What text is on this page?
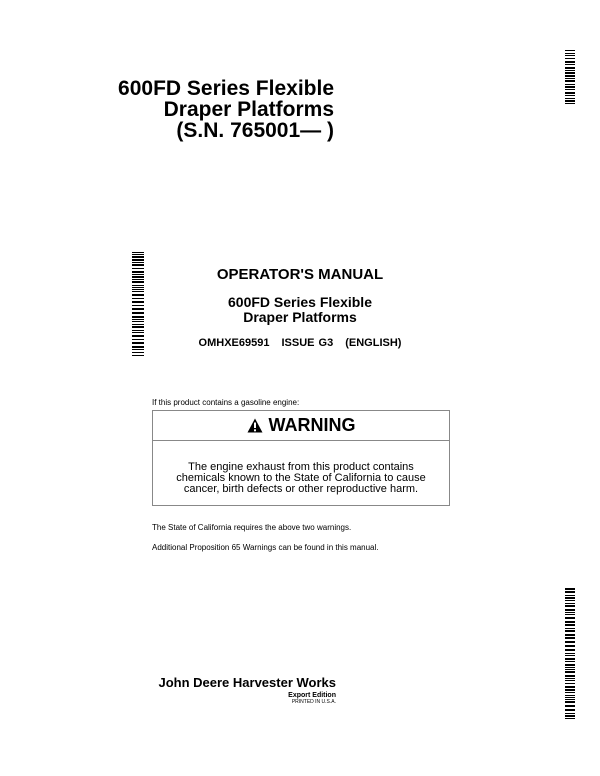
600FD Series Flexible
Draper Platforms
(S.N. 765001— )
OPERATOR'S MANUAL
600FD Series Flexible
Draper Platforms
OMHXE69591 ISSUE G3 (ENGLISH)
If this product contains a gasoline engine:
WARNING
The engine exhaust from this product contains
chemicals known to the State of California to cause
cancer, birth defects or other reproductive harm.
The State of California requires the above two warnings.
Additional Proposition 65 Warnings can be found in this manual.
John Deere Harvester Works
Export Edition
PRINTED IN U.S.A.
